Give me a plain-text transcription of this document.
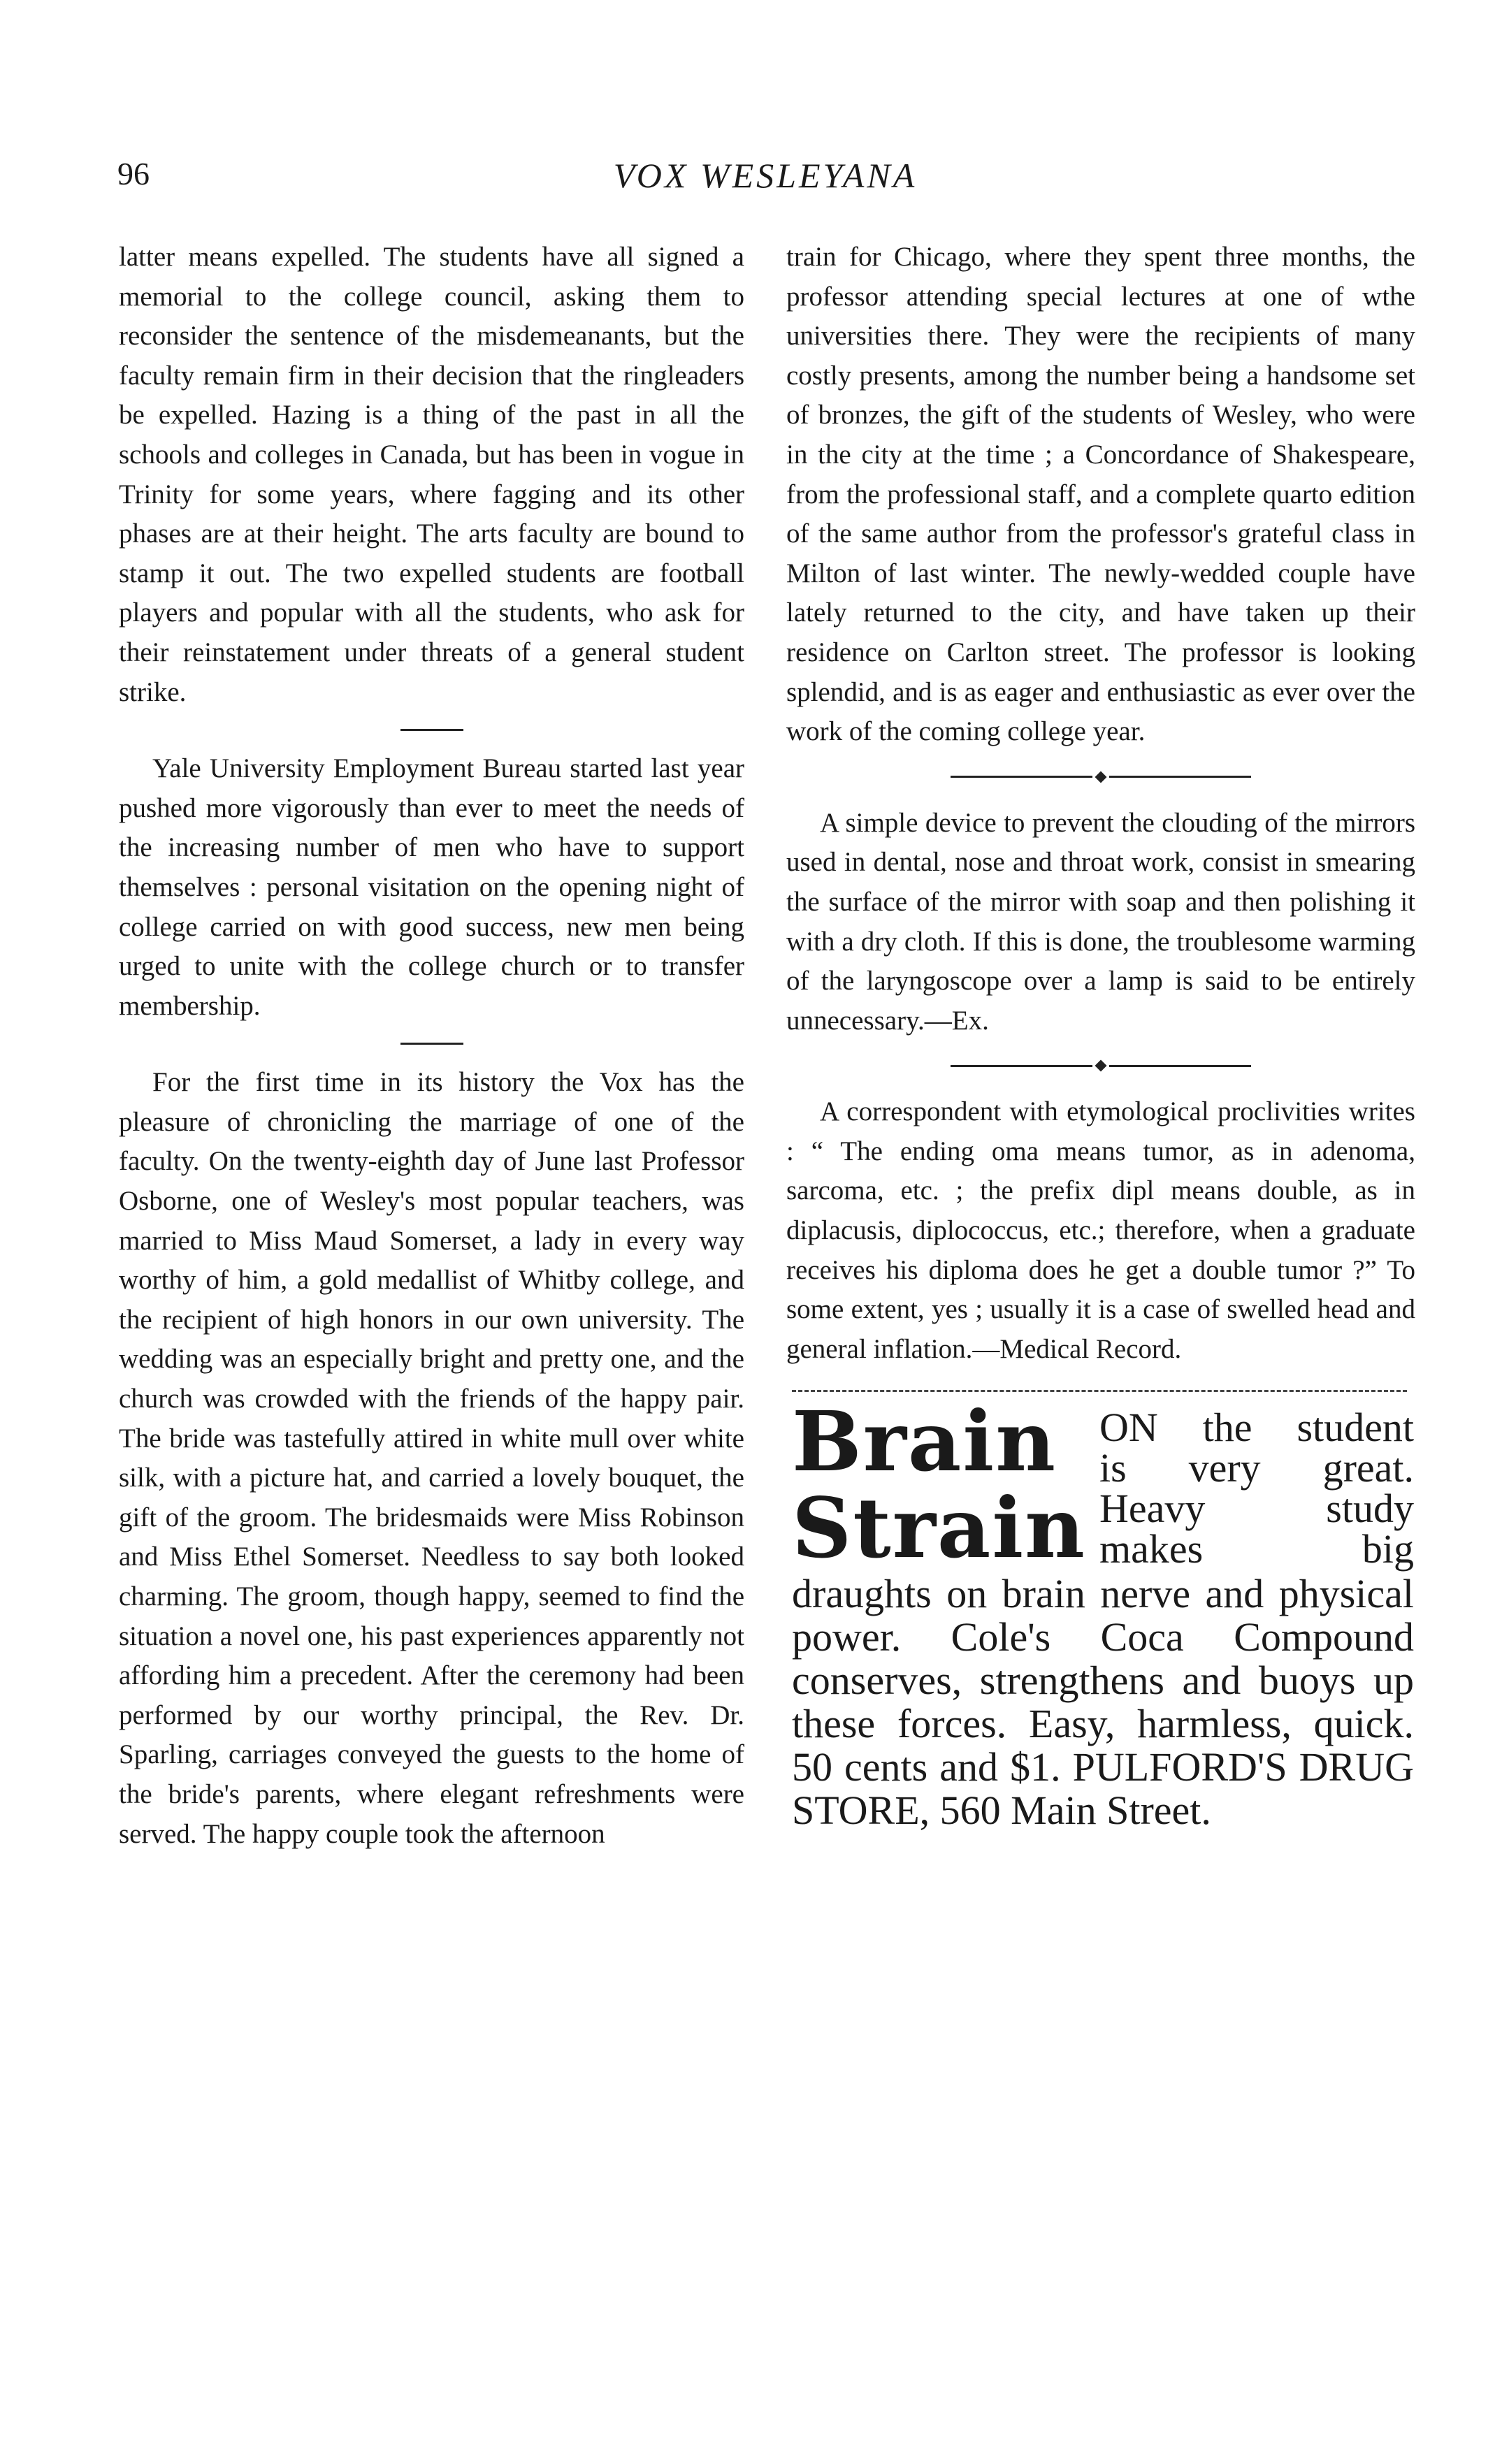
96	VOX WESLEYANA

latter means expelled. The students have all signed a memorial to the college council, asking them to reconsider the sentence of the misdemeanants, but the faculty remain firm in their decision that the ringleaders be expelled. Hazing is a thing of the past in all the schools and colleges in Canada, but has been in vogue in Trinity for some years, where fagging and its other phases are at their height. The arts faculty are bound to stamp it out. The two expelled students are football players and popular with all the students, who ask for their reinstatement under threats of a general student strike.

Yale University Employment Bureau started last year pushed more vigorously than ever to meet the needs of the increasing number of men who have to support themselves : personal visitation on the opening night of college carried on with good success, new men being urged to unite with the college church or to transfer membership.

For the first time in its history the Vox has the pleasure of chronicling the marriage of one of the faculty. On the twenty-eighth day of June last Professor Osborne, one of Wesley's most popular teachers, was married to Miss Maud Somerset, a lady in every way worthy of him, a gold medallist of Whitby college, and the recipient of high honors in our own university. The wedding was an especially bright and pretty one, and the church was crowded with the friends of the happy pair. The bride was tastefully attired in white mull over white silk, with a picture hat, and carried a lovely bouquet, the gift of the groom. The bridesmaids were Miss Robinson and Miss Ethel Somerset. Needless to say both looked charming. The groom, though happy, seemed to find the situation a novel one, his past experiences apparently not affording him a precedent. After the ceremony had been performed by our worthy principal, the Rev. Dr. Sparling, carriages conveyed the guests to the home of the bride's parents, where elegant refreshments were served. The happy couple took the afternoon

train for Chicago, where they spent three months, the professor attending special lectures at one of wthe universities there. They were the recipients of many costly presents, among the number being a handsome set of bronzes, the gift of the students of Wesley, who were in the city at the time ; a Concordance of Shakespeare, from the professional staff, and a complete quarto edition of the same author from the professor's grateful class in Milton of last winter. The newly-wedded couple have lately returned to the city, and have taken up their residence on Carlton street. The professor is looking splendid, and is as eager and enthusiastic as ever over the work of the coming college year.

A simple device to prevent the clouding of the mirrors used in dental, nose and throat work, consist in smearing the surface of the mirror with soap and then polishing it with a dry cloth. If this is done, the troublesome warming of the laryngoscope over a lamp is said to be entirely unnecessary.—Ex.

A correspondent with etymological proclivities writes : “ The ending oma means tumor, as in adenoma, sarcoma, etc. ; the prefix dipl means double, as in diplacusis, diplococcus, etc.; therefore, when a graduate receives his diploma does he get a double tumor ?” To some extent, yes ; usually it is a case of swelled head and general inflation.—Medical Record.

Brain
Strain
ON the student
is very great.
Heavy study
makes big
draughts on brain nerve and physical power. Cole's Coca Compound conserves, strengthens and buoys up these forces. Easy, harmless, quick. 50 cents and $1. PULFORD'S DRUG STORE, 560 Main Street.
